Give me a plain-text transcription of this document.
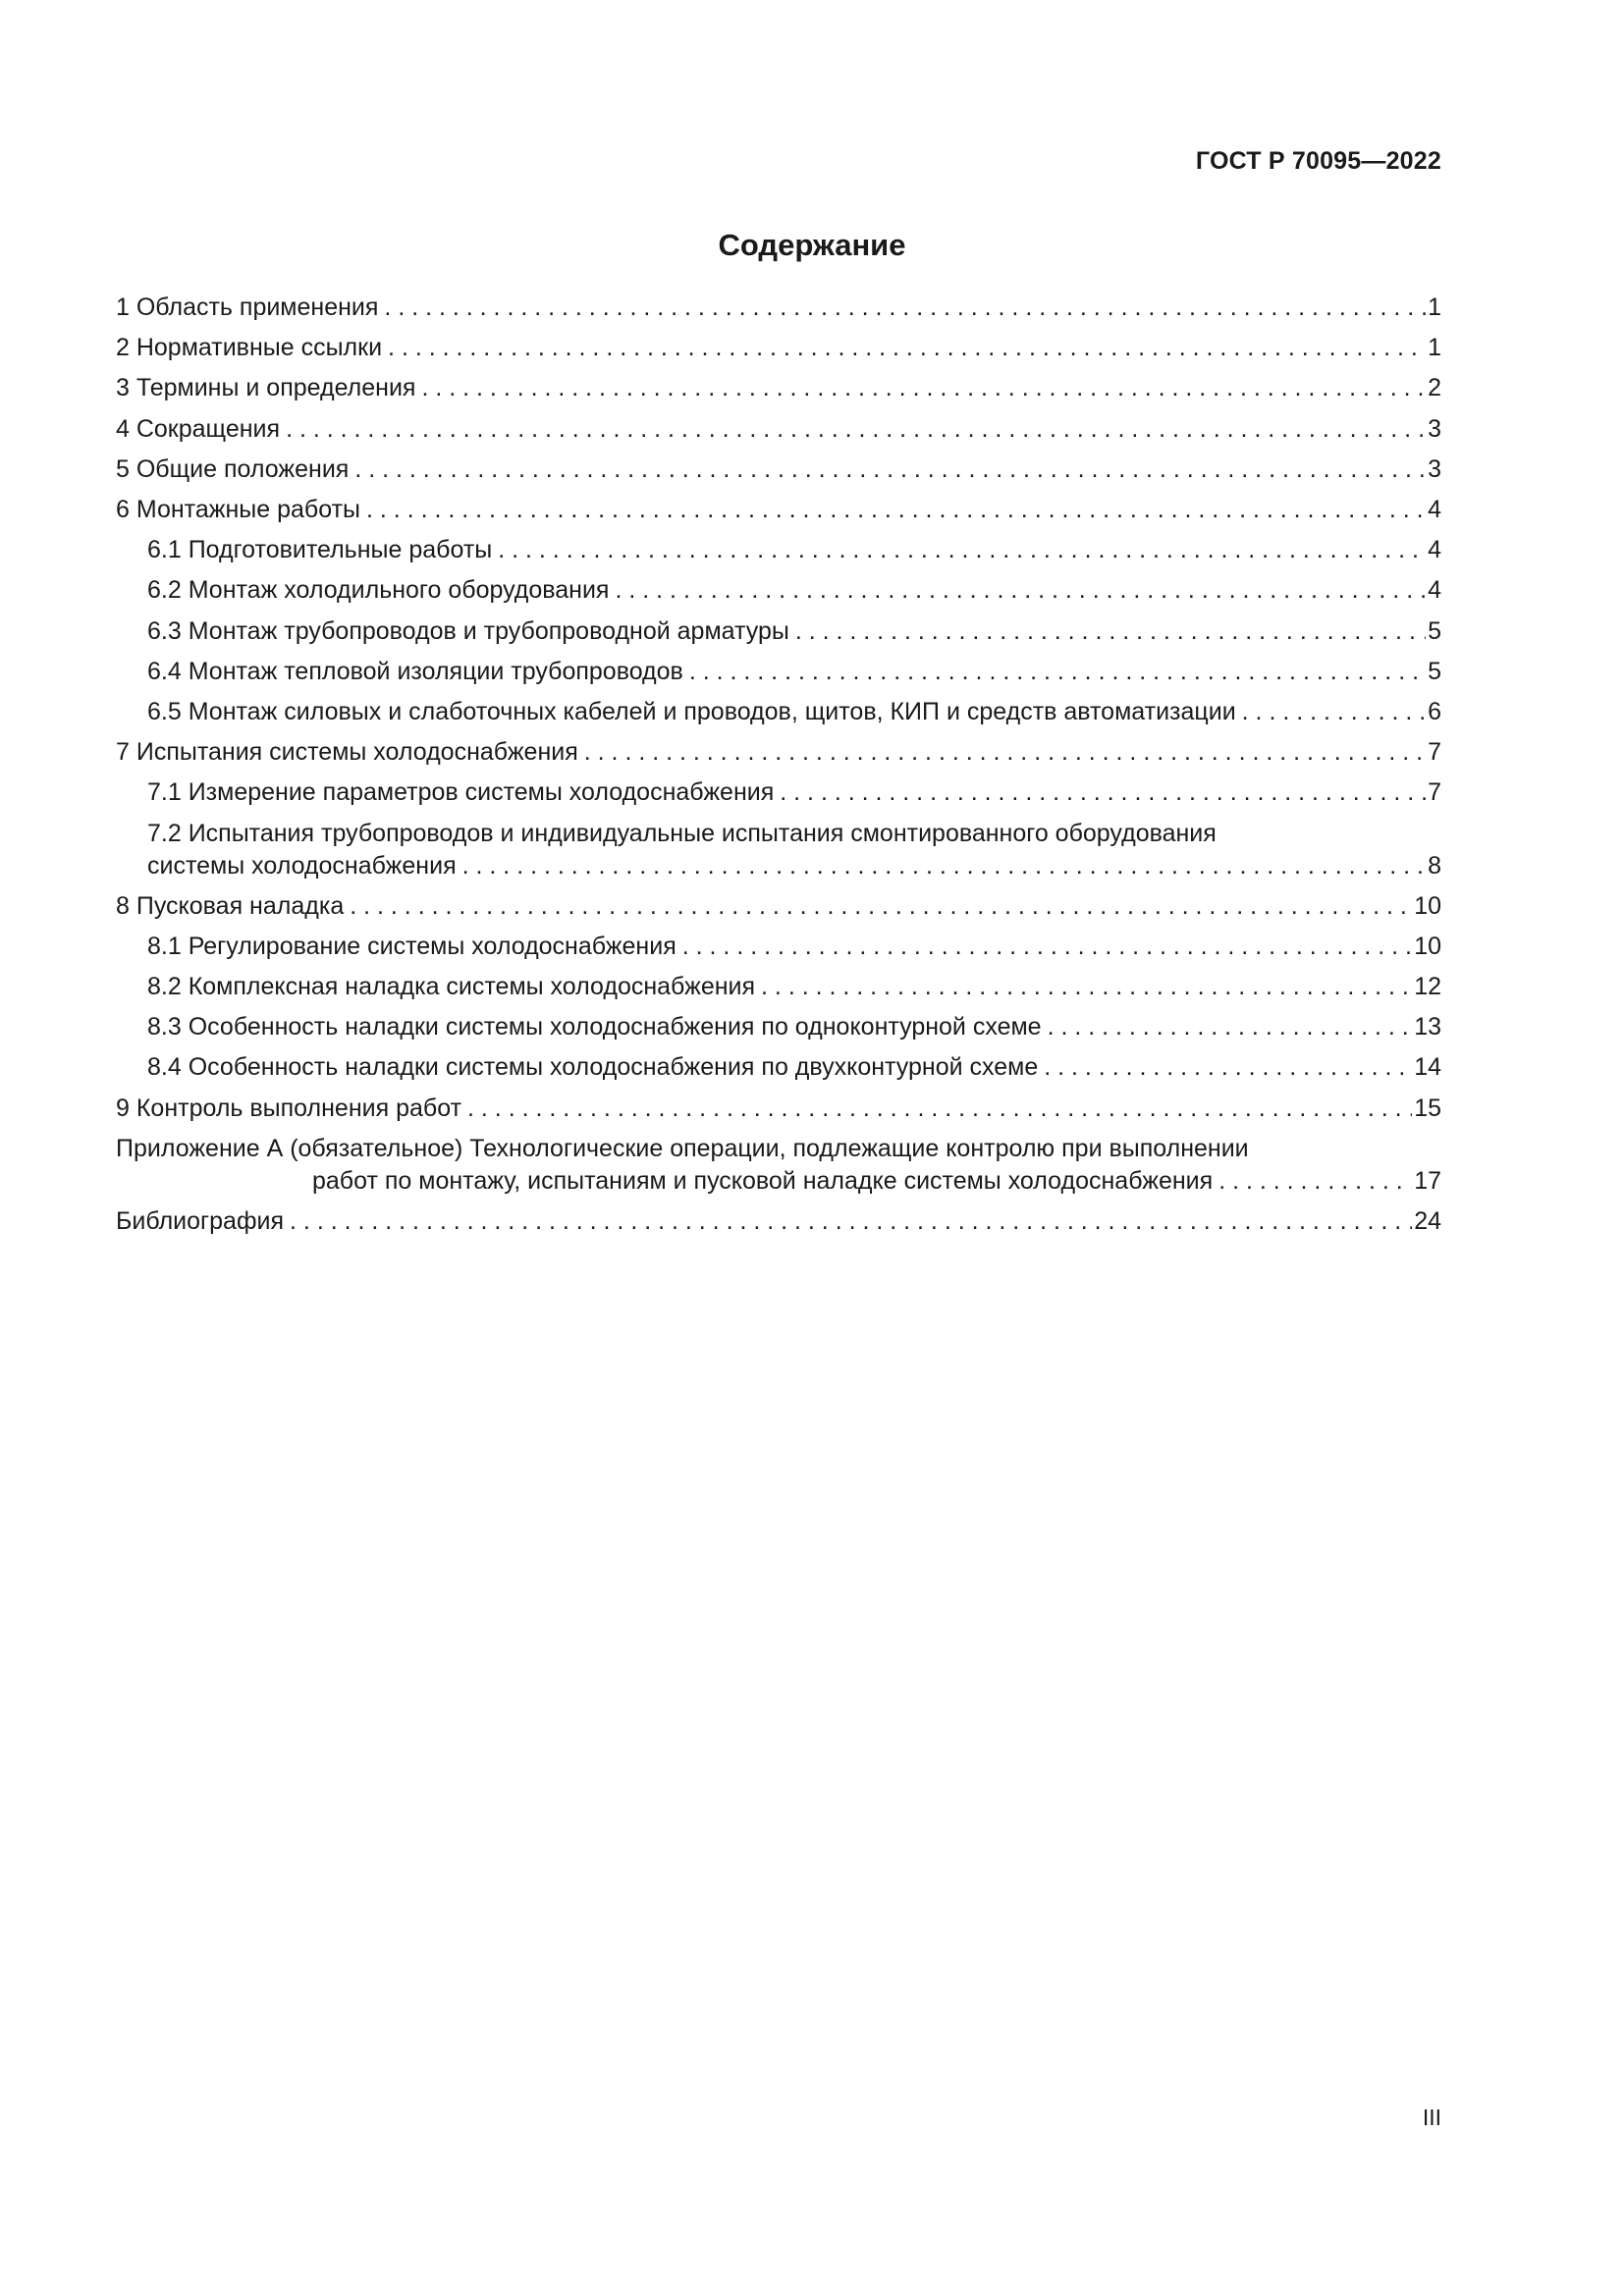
ГОСТ Р 70095—2022
Содержание
1 Область применения . . .	1
2 Нормативные ссылки . . .	1
3 Термины и определения . . .	2
4 Сокращения . . .	3
5 Общие положения . . .	3
6 Монтажные работы . . .	4
6.1 Подготовительные работы . . .	4
6.2 Монтаж холодильного оборудования . . .	4
6.3 Монтаж трубопроводов и трубопроводной арматуры . . .	5
6.4 Монтаж тепловой изоляции трубопроводов . . .	5
6.5 Монтаж силовых и слаботочных кабелей и проводов, щитов, КИП и средств автоматизации . . .	6
7 Испытания системы холодоснабжения . . .	7
7.1 Измерение параметров системы холодоснабжения . . .	7
7.2 Испытания трубопроводов и индивидуальные испытания смонтированного оборудования
системы холодоснабжения . . .	8
8 Пусковая наладка . . .	10
8.1 Регулирование системы холодоснабжения . . .	10
8.2 Комплексная наладка системы холодоснабжения . . .	12
8.3 Особенность наладки системы холодоснабжения по одноконтурной схеме . . .	13
8.4 Особенность наладки системы холодоснабжения по двухконтурной схеме . . .	14
9 Контроль выполнения работ . . .	15
Приложение А (обязательное) Технологические операции, подлежащие контролю при выполнении
работ по монтажу, испытаниям и пусковой наладке системы холодоснабжения . . .	17
Библиография . . .	24
III
